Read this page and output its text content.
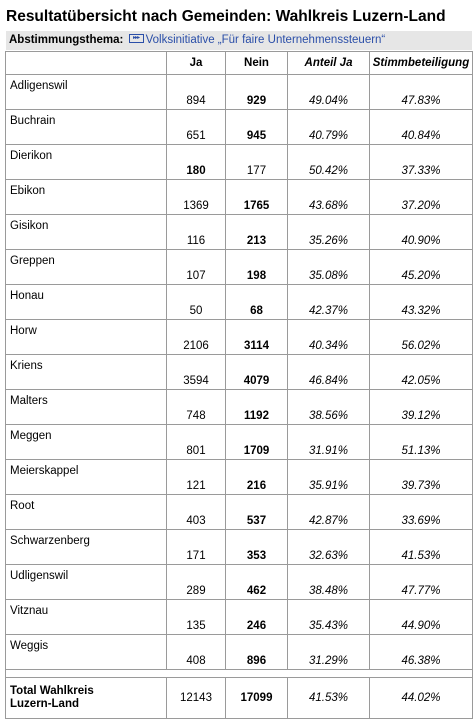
Resultatübersicht nach Gemeinden: Wahlkreis Luzern-Land
Abstimmungsthema: ▸▸▸ Volksinitiative „Für faire Unternehmenssteuern“
	Ja	Nein	Anteil Ja	Stimmbeteiligung
Adligenswil	894	929	49.04%	47.83%
Buchrain	651	945	40.79%	40.84%
Dierikon	180	177	50.42%	37.33%
Ebikon	1369	1765	43.68%	37.20%
Gisikon	116	213	35.26%	40.90%
Greppen	107	198	35.08%	45.20%
Honau	50	68	42.37%	43.32%
Horw	2106	3114	40.34%	56.02%
Kriens	3594	4079	46.84%	42.05%
Malters	748	1192	38.56%	39.12%
Meggen	801	1709	31.91%	51.13%
Meierskappel	121	216	35.91%	39.73%
Root	403	537	42.87%	33.69%
Schwarzenberg	171	353	32.63%	41.53%
Udligenswil	289	462	38.48%	47.77%
Vitznau	135	246	35.43%	44.90%
Weggis	408	896	31.29%	46.38%

Total Wahlkreis
Luzern-Land	12143	17099	41.53%	44.02%
